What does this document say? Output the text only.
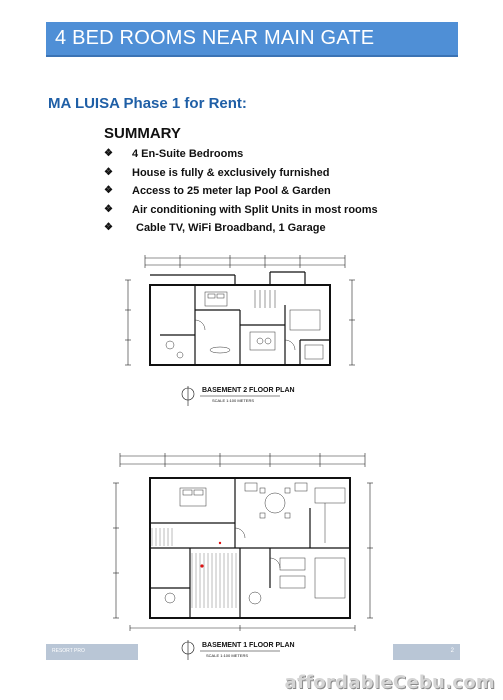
4 BED ROOMS NEAR MAIN GATE
MA LUISA Phase 1 for Rent:
SUMMARY
❖ 4 En-Suite Bedrooms
❖ House is fully & exclusively furnished
❖ Access to 25 meter lap Pool & Garden
❖ Air conditioning with Split Units in most rooms
❖ Cable TV, WiFi Broadband, 1 Garage
BASEMENT 2 FLOOR PLAN
SCALE 1:100 METERS
BASEMENT 1 FLOOR PLAN
SCALE 1:100 METERS
RESORT PRO	2
affordableCebu.com
